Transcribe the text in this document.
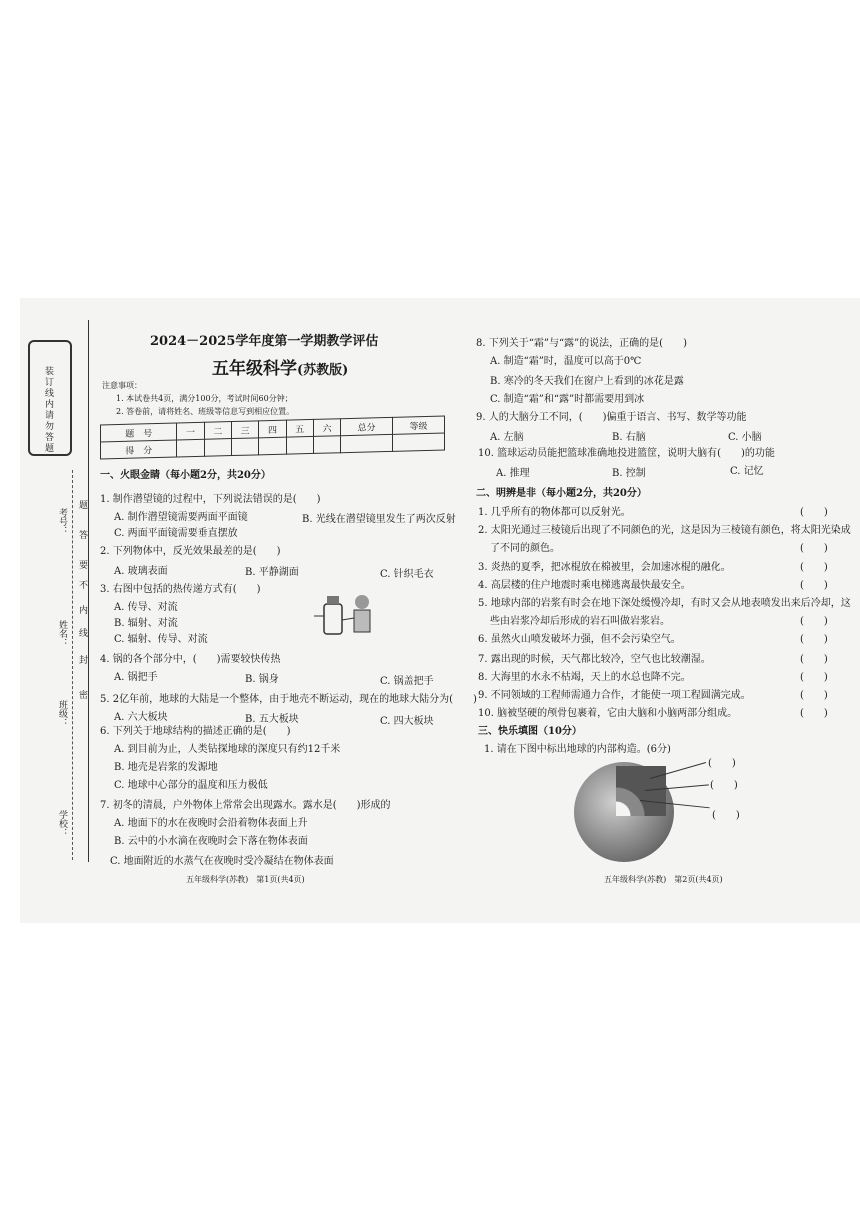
装订线内请勿答题
考号：
姓名：
班级：
学校：
题
答
要
不
内
线
封
密
2024－2025学年度第一学期教学评估
五年级科学(苏教版)
注意事项：
1. 本试卷共4页，满分100分，考试时间60分钟；
2. 答卷前，请将姓名、班级等信息写到相应位置。
题　号	一	二	三	四	五	六	总分	等级
得　分								
一、火眼金睛（每小题2分，共20分）
1. 制作潜望镜的过程中，下列说法错误的是(　　)
A. 制作潜望镜需要两面平面镜	B. 光线在潜望镜里发生了两次反射
C. 两面平面镜需要垂直摆放
2. 下列物体中，反光效果最差的是(　　)
A. 玻璃表面	B. 平静湖面	C. 针织毛衣
3. 右图中包括的热传递方式有(　　)
A. 传导、对流
B. 辐射、对流
C. 辐射、传导、对流
4. 锅的各个部分中，(　　)需要较快传热
A. 锅把手	B. 锅身	C. 锅盖把手
5. 2亿年前，地球的大陆是一个整体，由于地壳不断运动，现在的地球大陆分为(　　)
A. 六大板块	B. 五大板块	C. 四大板块
6. 下列关于地球结构的描述正确的是(　　)
A. 到目前为止，人类钻探地球的深度只有约12千米
B. 地壳是岩浆的发源地
C. 地球中心部分的温度和压力极低
7. 初冬的清晨，户外物体上常常会出现露水。露水是(　　)形成的
A. 地面下的水在夜晚时会沿着物体表面上升
B. 云中的小水滴在夜晚时会下落在物体表面
C. 地面附近的水蒸气在夜晚时受冷凝结在物体表面
五年级科学(苏教)　第1页(共4页)
8. 下列关于“霜”与“露”的说法，正确的是(　　)
A. 制造“霜”时，温度可以高于0℃
B. 寒冷的冬天我们在窗户上看到的冰花是露
C. 制造“霜”和“露”时都需要用到冰
9. 人的大脑分工不同，(　　)偏重于语言、书写、数学等功能
A. 左脑	B. 右脑	C. 小脑
10. 篮球运动员能把篮球准确地投进篮筐，说明大脑有(　　)的功能
A. 推理	B. 控制	C. 记忆
二、明辨是非（每小题2分，共20分）
1. 几乎所有的物体都可以反射光。
2. 太阳光通过三棱镜后出现了不同颜色的光，这是因为三棱镜有颜色，将太阳光染成
了不同的颜色。
3. 炎热的夏季，把冰棍放在棉被里，会加速冰棍的融化。
4. 高层楼的住户地震时乘电梯逃离最快最安全。
5. 地球内部的岩浆有时会在地下深处缓慢冷却，有时又会从地表喷发出来后冷却，这
些由岩浆冷却后形成的岩石叫做岩浆岩。
6. 虽然火山喷发破坏力强，但不会污染空气。
7. 露出现的时候，天气都比较冷，空气也比较潮湿。
8. 大海里的水永不枯竭，天上的水总也降不完。
9. 不同领域的工程师需通力合作，才能使一项工程圆满完成。
10. 脑被坚硬的颅骨包裹着，它由大脑和小脑两部分组成。
(　　)
(　　)
(　　)
(　　)
(　　)
(　　)
(　　)
(　　)
(　　)
(　　)
三、快乐填图（10分）
1. 请在下图中标出地球的内部构造。(6分)
(　　)
(　　)
(　　)
五年级科学(苏教)　第2页(共4页)
